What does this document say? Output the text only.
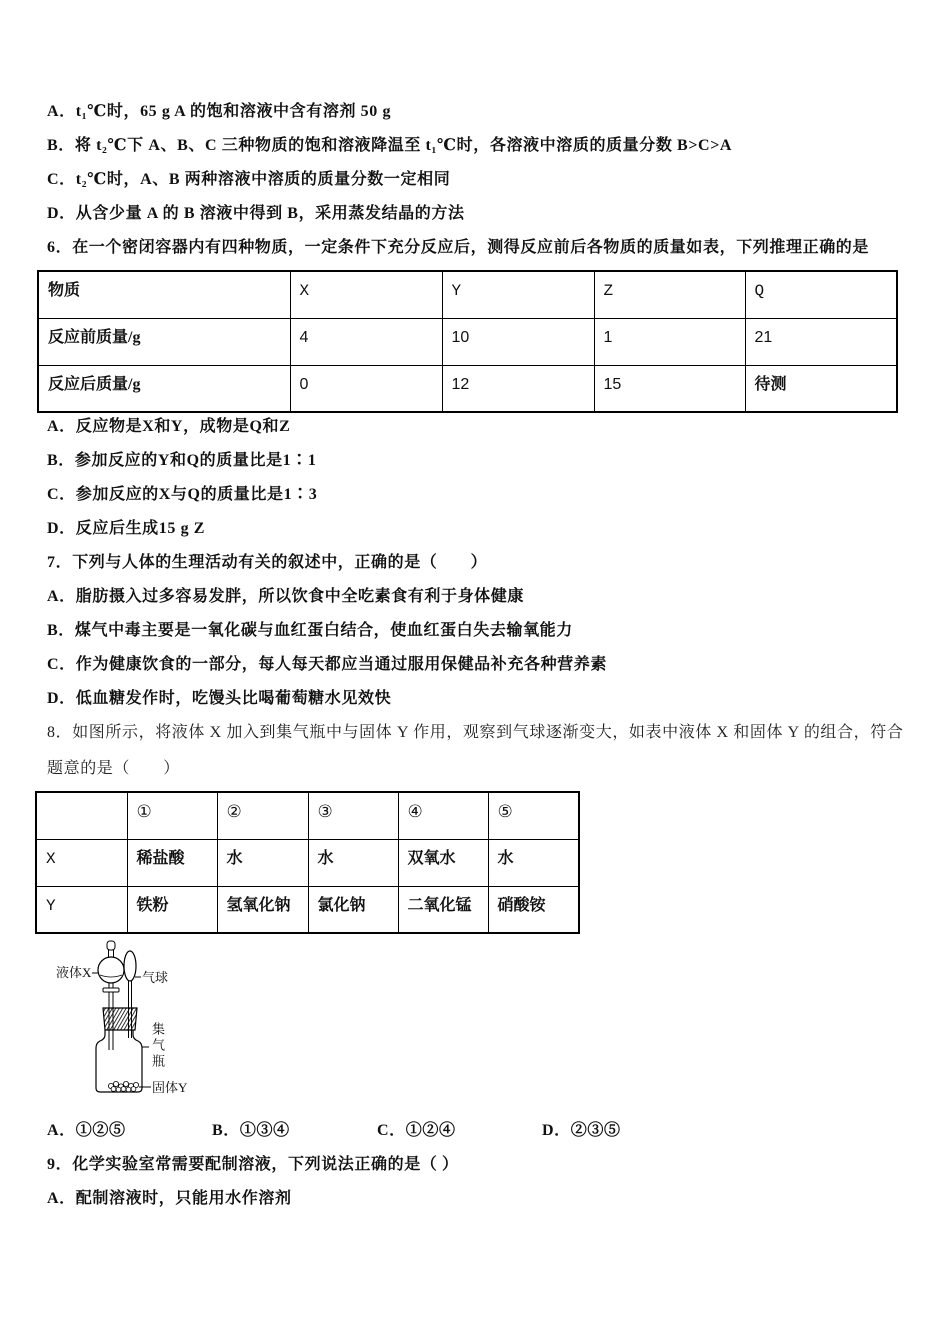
A．t₁℃时，65 g A 的饱和溶液中含有溶剂 50 g
B．将 t₂℃下 A、B、C 三种物质的饱和溶液降温至 t₁℃时，各溶液中溶质的质量分数 B>C>A
C．t₂℃时，A、B 两种溶液中溶质的质量分数一定相同
D．从含少量 A 的 B 溶液中得到 B，采用蒸发结晶的方法
6．在一个密闭容器内有四种物质，一定条件下充分反应后，测得反应前后各物质的质量如表，下列推理正确的是
物质	X	Y	Z	Q
反应前质量/g	4	10	1	21
反应后质量/g	0	12	15	待测
A．反应物是X和Y，成物是Q和Z
B．参加反应的Y和Q的质量比是1∶1
C．参加反应的X与Q的质量比是1∶3
D．反应后生成15 g Z
7．下列与人体的生理活动有关的叙述中，正确的是（　　）
A．脂肪摄入过多容易发胖，所以饮食中全吃素食有利于身体健康
B．煤气中毒主要是一氧化碳与血红蛋白结合，使血红蛋白失去输氧能力
C．作为健康饮食的一部分，每人每天都应当通过服用保健品补充各种营养素
D．低血糖发作时，吃馒头比喝葡萄糖水见效快
8．如图所示，将液体 X 加入到集气瓶中与固体 Y 作用，观察到气球逐渐变大，如表中液体 X 和固体 Y 的组合，符合
题意的是（　　）
	①	②	③	④	⑤
X	稀盐酸	水	水	双氧水	水
Y	铁粉	氢氧化钠	氯化钠	二氧化锰	硝酸铵
液体X	气球
集气瓶
固体Y
A．①②⑤	B．①③④	C．①②④	D．②③⑤
9．化学实验室常需要配制溶液，下列说法正确的是（ ）
A．配制溶液时，只能用水作溶剂
